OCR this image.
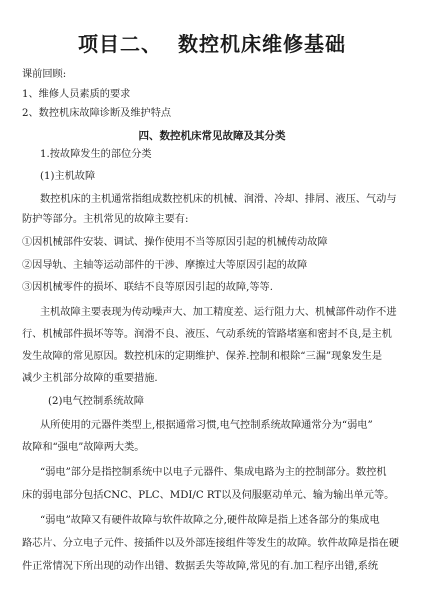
项目二、  数控机床维修基础
课前回顾:
1、维修人员素质的要求
2、数控机床故障诊断及维护特点
四、数控机床常见故障及其分类
1.按故障发生的部位分类
(1)主机故障
数控机床的主机通常指组成数控机床的机械、润滑、冷却、排屑、液压、气动与
防护等部分。主机常见的故障主要有:
①因机械部件安装、调试、操作使用不当等原因引起的机械传动故障
②因导轨、主轴等运动部件的干涉、摩擦过大等原因引起的故障
③因机械零件的损坏、联结不良等原因引起的故障,等等.
主机故障主要表现为传动噪声大、加工精度差、运行阻力大、机械部件动作不进
行、机械部件损坏等等。润滑不良、液压、气动系统的管路堵塞和密封不良,是主机
发生故障的常见原因。数控机床的定期维护、保养.控制和根除“三漏”现象发生是
减少主机部分故障的重要措施.
(2)电气控制系统故障
从所使用的元器件类型上,根据通常习惯,电气控制系统故障通常分为“弱电”
故障和“强电”故障两大类。
“弱电”部分是指控制系统中以电子元器件、集成电路为主的控制部分。数控机
床的弱电部分包括CNC、PLC、MDI/C RT以及伺服驱动单元、输为输出单元等。
“弱电”故障又有硬件故障与软件故障之分,硬件故障是指上述各部分的集成电
路芯片、分立电子元件、接插件以及外部连接组件等发生的故障。软件故障是指在硬
件正常情况下所出现的动作出错、数据丢失等故障,常见的有.加工程序出错,系统
